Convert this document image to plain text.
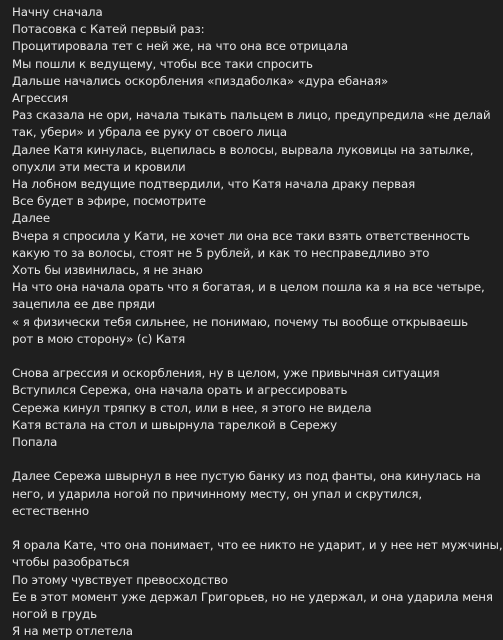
Начну сначала
Потасовка с Катей первый раз:
Процитировала тет с ней же, на что она все отрицала
Мы пошли к ведущему, чтобы все таки спросить
Дальше начались оскорбления «пиздаболка» «дура ебаная»
Агрессия
Раз сказала не ори, начала тыкать пальцем в лицо, предупредила «не делай
так, убери» и убрала ее руку от своего лица
Далее Катя кинулась, вцепилась в волосы, вырвала луковицы на затылке,
опухли эти места и кровили
На лобном ведущие подтвердили, что Катя начала драку первая
Все будет в эфире, посмотрите
Далее
Вчера я спросила у Кати, не хочет ли она все таки взять ответственность
какую то за волосы, стоят не 5 рублей, и как то несправедливо это
Хоть бы извинилась, я не знаю
На что она начала орать что я богатая, и в целом пошла ка я на все четыре,
зацепила ее две пряди
« я физически тебя сильнее, не понимаю, почему ты вообще открываешь
рот в мою сторону» (с) Катя
Снова агрессия и оскорбления, ну в целом, уже привычная ситуация
Вступился Сережа, она начала орать и агрессировать
Сережа кинул тряпку в стол, или в нее, я этого не видела
Катя встала на стол и швырнула тарелкой в Сережу
Попала
Далее Сережа швырнул в нее пустую банку из под фанты, она кинулась на
него, и ударила ногой по причинному месту, он упал и скрутился,
естественно
Я орала Кате, что она понимает, что ее никто не ударит, и у нее нет мужчины,
чтобы разобраться
По этому чувствует превосходство
Ее в этот момент уже держал Григорьев, но не удержал, и она ударила меня
ногой в грудь
Я на метр отлетела
